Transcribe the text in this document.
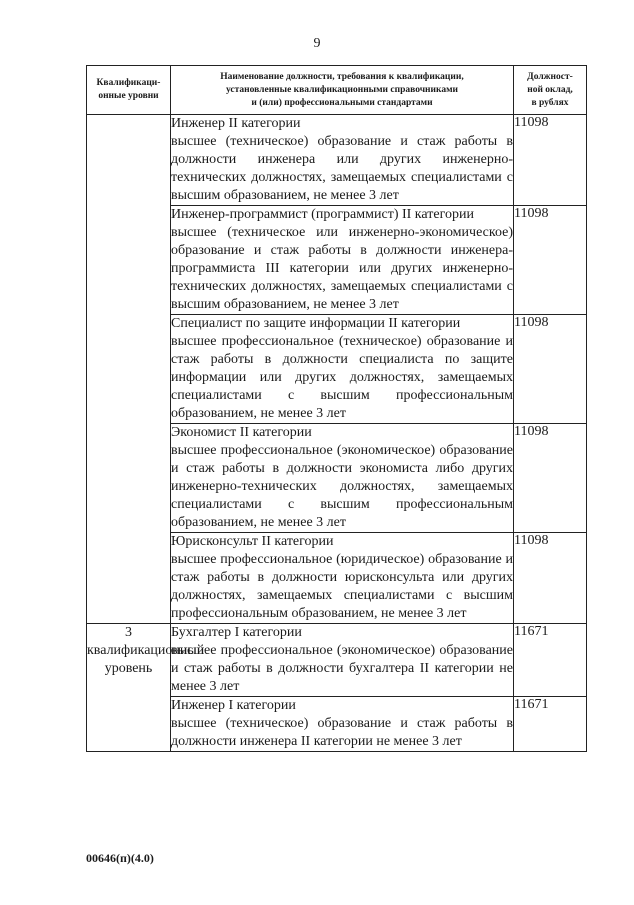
9
Квалификаци-
онные уровни	Наименование должности, требования к квалификации,
установленные квалификационными справочниками
и (или) профессиональными стандартами	Должност-
ной оклад,
в рублях

	Инженер II категории
высшее (техническое) образование и стаж работы в должности инженера или других инженерно-технических должностях, замещаемых специалистами с высшим образованием, не менее 3 лет	11098

	Инженер-программист (программист) II категории
высшее (техническое или инженерно-экономическое) образование и стаж работы в должности инженера-программиста III категории или других инженерно-технических должностях, замещаемых специалистами с высшим образованием, не менее 3 лет	11098

	Специалист по защите информации II категории
высшее профессиональное (техническое) образование и стаж работы в должности специалиста по защите информации или других должностях, замещаемых специалистами с высшим профессиональным образованием, не менее 3 лет	11098

	Экономист II категории
высшее профессиональное (экономическое) образование и стаж работы в должности экономиста либо других инженерно-технических должностях, замещаемых специалистами с высшим профессиональным образованием, не менее 3 лет	11098

	Юрисконсульт II категории
высшее профессиональное (юридическое) образование и стаж работы в должности юрисконсульта или других должностях, замещаемых специалистами с высшим профессиональным образованием, не менее 3 лет	11098
3 квалификационный уровень	Бухгалтер I категории
высшее профессиональное (экономическое) образование и стаж работы в должности бухгалтера II категории не менее 3 лет	11671

	Инженер I категории
высшее (техническое) образование и стаж работы в должности инженера II категории не менее 3 лет	11671
00646(п)(4.0)
